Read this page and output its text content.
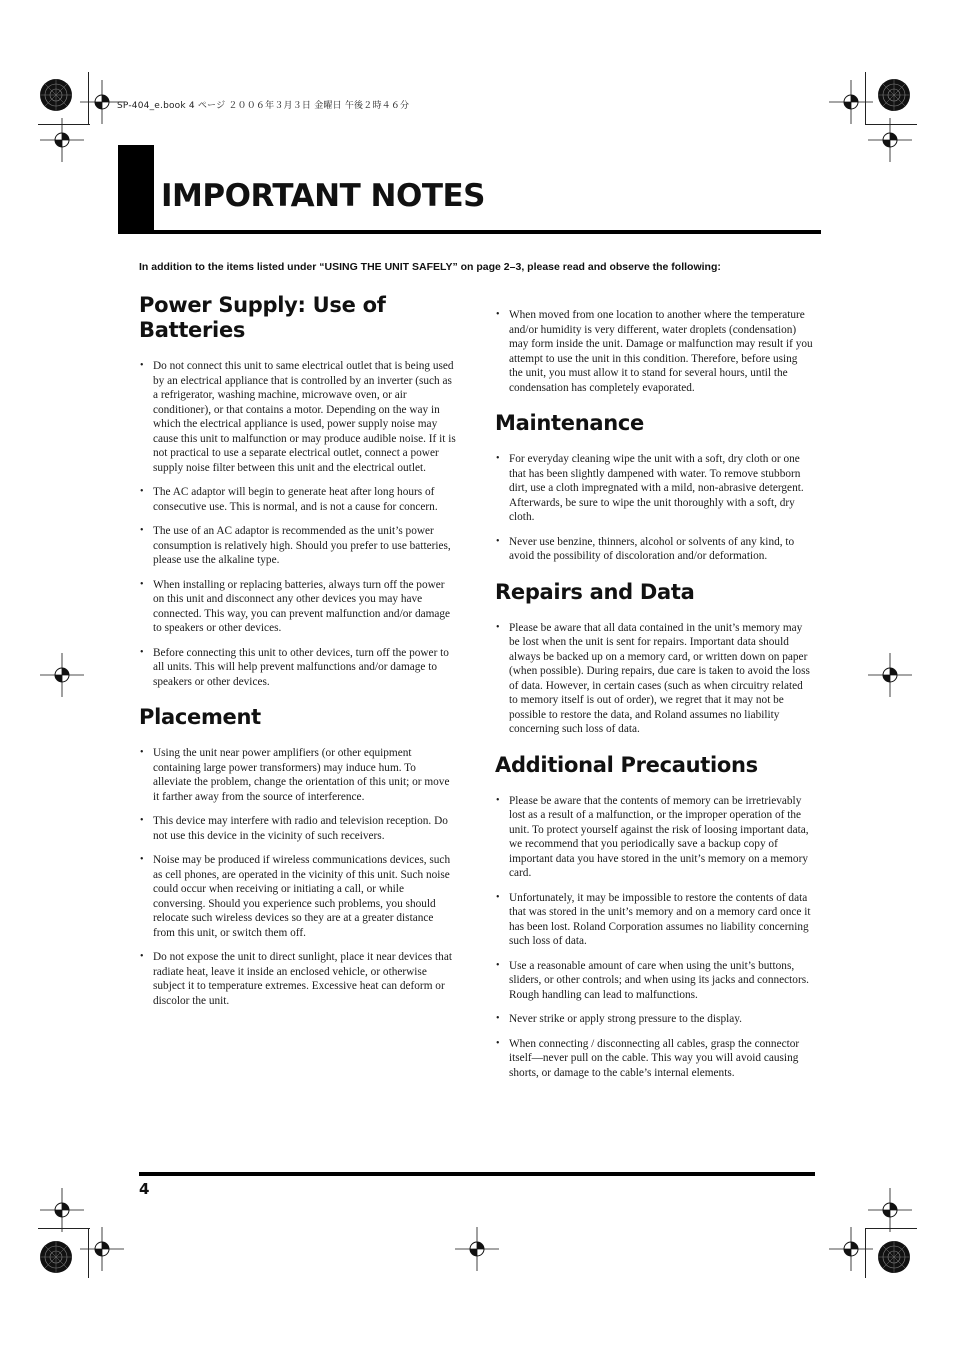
SP-404_e.book 4 ページ ２００６年３月３日 金曜日 午後２時４６分
IMPORTANT NOTES
In addition to the items listed under “USING THE UNIT SAFELY” on page 2–3, please read and observe the following:
Power Supply: Use of Batteries
• Do not connect this unit to same electrical outlet that is being used by an electrical appliance that is controlled by an inverter (such as a refrigerator, washing machine, microwave oven, or air conditioner), or that contains a motor. Depending on the way in which the electrical appliance is used, power supply noise may cause this unit to malfunction or may produce audible noise. If it is not practical to use a separate electrical outlet, connect a power supply noise filter between this unit and the electrical outlet.
• The AC adaptor will begin to generate heat after long hours of consecutive use. This is normal, and is not a cause for concern.
• The use of an AC adaptor is recommended as the unit’s power consumption is relatively high. Should you prefer to use batteries, please use the alkaline type.
• When installing or replacing batteries, always turn off the power on this unit and disconnect any other devices you may have connected. This way, you can prevent malfunction and/or damage to speakers or other devices.
• Before connecting this unit to other devices, turn off the power to all units. This will help prevent malfunctions and/or damage to speakers or other devices.
Placement
• Using the unit near power amplifiers (or other equipment containing large power transformers) may induce hum. To alleviate the problem, change the orientation of this unit; or move it farther away from the source of interference.
• This device may interfere with radio and television reception. Do not use this device in the vicinity of such receivers.
• Noise may be produced if wireless communications devices, such as cell phones, are operated in the vicinity of this unit. Such noise could occur when receiving or initiating a call, or while conversing. Should you experience such problems, you should relocate such wireless devices so they are at a greater distance from this unit, or switch them off.
• Do not expose the unit to direct sunlight, place it near devices that radiate heat, leave it inside an enclosed vehicle, or otherwise subject it to temperature extremes. Excessive heat can deform or discolor the unit.
• When moved from one location to another where the temperature and/or humidity is very different, water droplets (condensation) may form inside the unit. Damage or malfunction may result if you attempt to use the unit in this condition. Therefore, before using the unit, you must allow it to stand for several hours, until the condensation has completely evaporated.
Maintenance
• For everyday cleaning wipe the unit with a soft, dry cloth or one that has been slightly dampened with water. To remove stubborn dirt, use a cloth impregnated with a mild, non-abrasive detergent. Afterwards, be sure to wipe the unit thoroughly with a soft, dry cloth.
• Never use benzine, thinners, alcohol or solvents of any kind, to avoid the possibility of discoloration and/or deformation.
Repairs and Data
• Please be aware that all data contained in the unit’s memory may be lost when the unit is sent for repairs. Important data should always be backed up on a memory card, or written down on paper (when possible). During repairs, due care is taken to avoid the loss of data. However, in certain cases (such as when circuitry related to memory itself is out of order), we regret that it may not be possible to restore the data, and Roland assumes no liability concerning such loss of data.
Additional Precautions
• Please be aware that the contents of memory can be irretrievably lost as a result of a malfunction, or the improper operation of the unit. To protect yourself against the risk of loosing important data, we recommend that you periodically save a backup copy of important data you have stored in the unit’s memory on a memory card.
• Unfortunately, it may be impossible to restore the contents of data that was stored in the unit’s memory and on a memory card once it has been lost. Roland Corporation assumes no liability concerning such loss of data.
• Use a reasonable amount of care when using the unit’s buttons, sliders, or other controls; and when using its jacks and connectors. Rough handling can lead to malfunctions.
• Never strike or apply strong pressure to the display.
• When connecting / disconnecting all cables, grasp the connector itself—never pull on the cable. This way you will avoid causing shorts, or damage to the cable’s internal elements.
4
